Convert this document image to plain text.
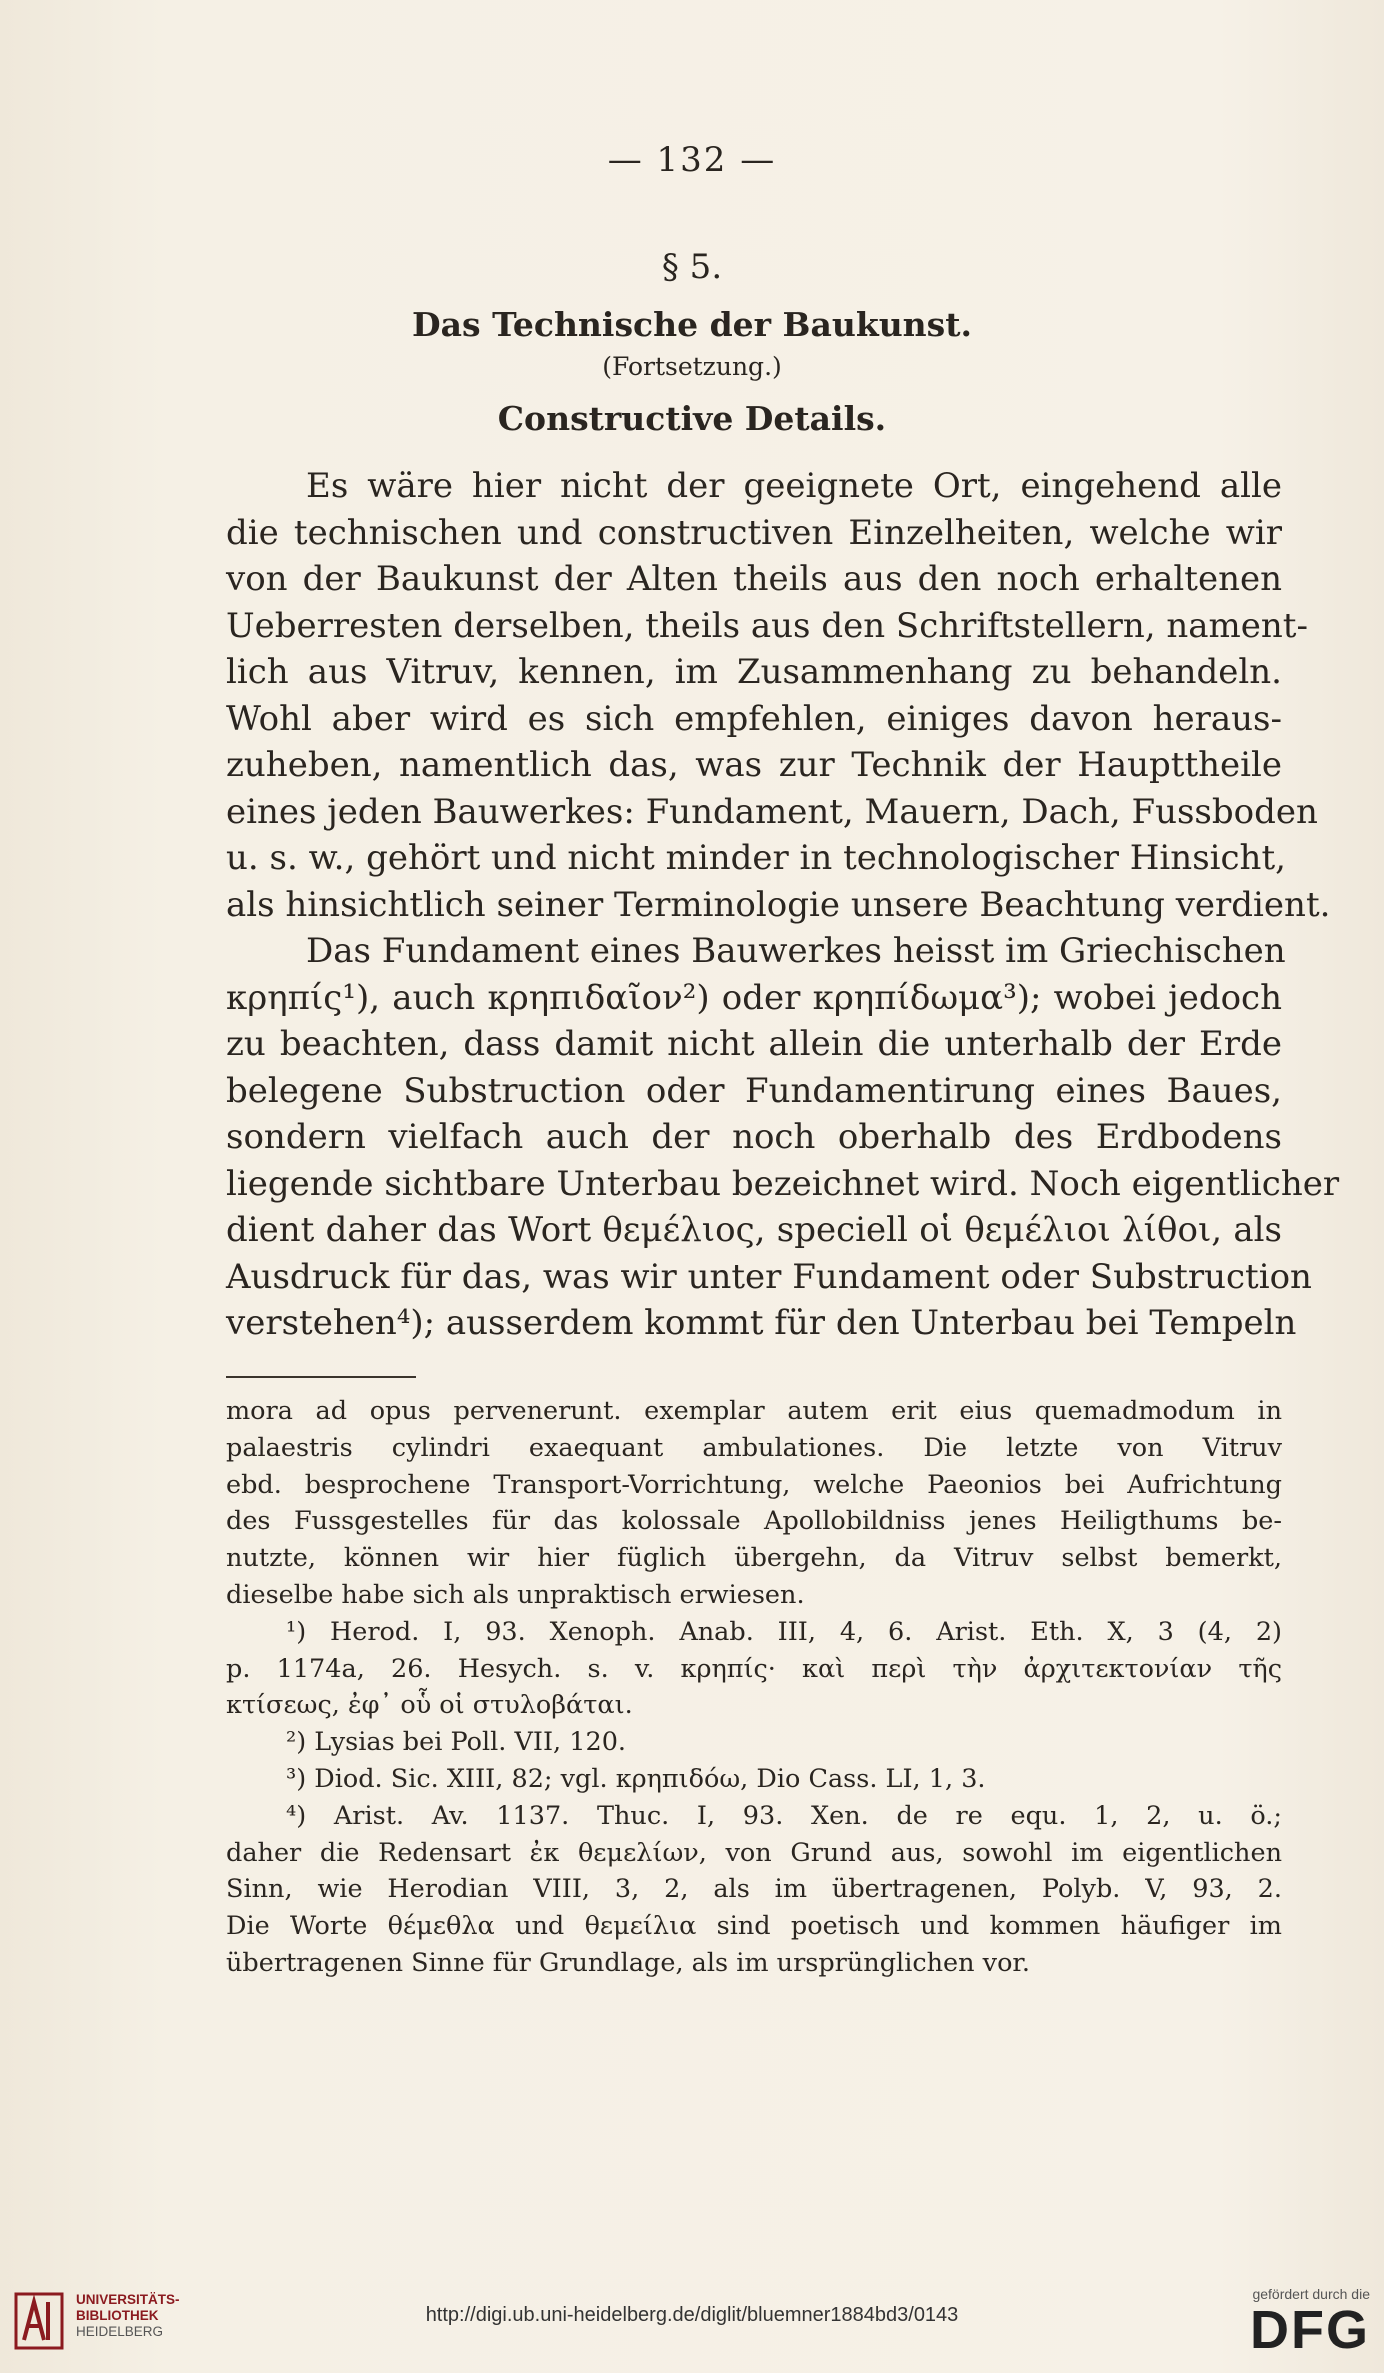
— 132 —
§ 5.
Das Technische der Baukunst.
(Fortsetzung.)
Constructive Details.

Es wäre hier nicht der geeignete Ort, eingehend alle
die technischen und constructiven Einzelheiten, welche wir
von der Baukunst der Alten theils aus den noch erhaltenen
Ueberresten derselben, theils aus den Schriftstellern, nament-
lich aus Vitruv, kennen, im Zusammenhang zu behandeln.
Wohl aber wird es sich empfehlen, einiges davon heraus-
zuheben, namentlich das, was zur Technik der Haupttheile
eines jeden Bauwerkes: Fundament, Mauern, Dach, Fussboden
u. s. w., gehört und nicht minder in technologischer Hinsicht,
als hinsichtlich seiner Terminologie unsere Beachtung verdient.

Das Fundament eines Bauwerkes heisst im Griechischen
κρηπίς¹), auch κρηπιδαῖον²) oder κρηπίδωμα³); wobei jedoch
zu beachten, dass damit nicht allein die unterhalb der Erde
belegene Substruction oder Fundamentirung eines Baues,
sondern vielfach auch der noch oberhalb des Erdbodens
liegende sichtbare Unterbau bezeichnet wird. Noch eigentlicher
dient daher das Wort θεμέλιος, speciell οἱ θεμέλιοι λίθοι, als
Ausdruck für das, was wir unter Fundament oder Substruction
verstehen⁴); ausserdem kommt für den Unterbau bei Tempeln

mora ad opus pervenerunt. exemplar autem erit eius quemadmodum in
palaestris cylindri exaequant ambulationes. Die letzte von Vitruv
ebd. besprochene Transport-Vorrichtung, welche Paeonios bei Aufrichtung
des Fussgestelles für das kolossale Apollobildniss jenes Heiligthums be-
nutzte, können wir hier füglich übergehn, da Vitruv selbst bemerkt,
dieselbe habe sich als unpraktisch erwiesen.
¹) Herod. I, 93. Xenoph. Anab. III, 4, 6. Arist. Eth. X, 3 (4, 2)
p. 1174a, 26. Hesych. s. v. κρηπίς· καὶ περὶ τὴν ἀρχιτεκτονίαν τῆς
κτίσεως, ἐφ᾽ οὗ οἱ στυλοβάται.
²) Lysias bei Poll. VII, 120.
³) Diod. Sic. XIII, 82; vgl. κρηπιδόω, Dio Cass. LI, 1, 3.
⁴) Arist. Av. 1137. Thuc. I, 93. Xen. de re equ. 1, 2, u. ö.;
daher die Redensart ἐκ θεμελίων, von Grund aus, sowohl im eigentlichen
Sinn, wie Herodian VIII, 3, 2, als im übertragenen, Polyb. V, 93, 2.
Die Worte θέμεθλα und θεμείλια sind poetisch und kommen häufiger im
übertragenen Sinne für Grundlage, als im ursprünglichen vor.
UNIVERSITÄTS-
BIBLIOTHEK
HEIDELBERG
http://digi.ub.uni-heidelberg.de/diglit/bluemner1884bd3/0143
gefördert durch die
DFG
